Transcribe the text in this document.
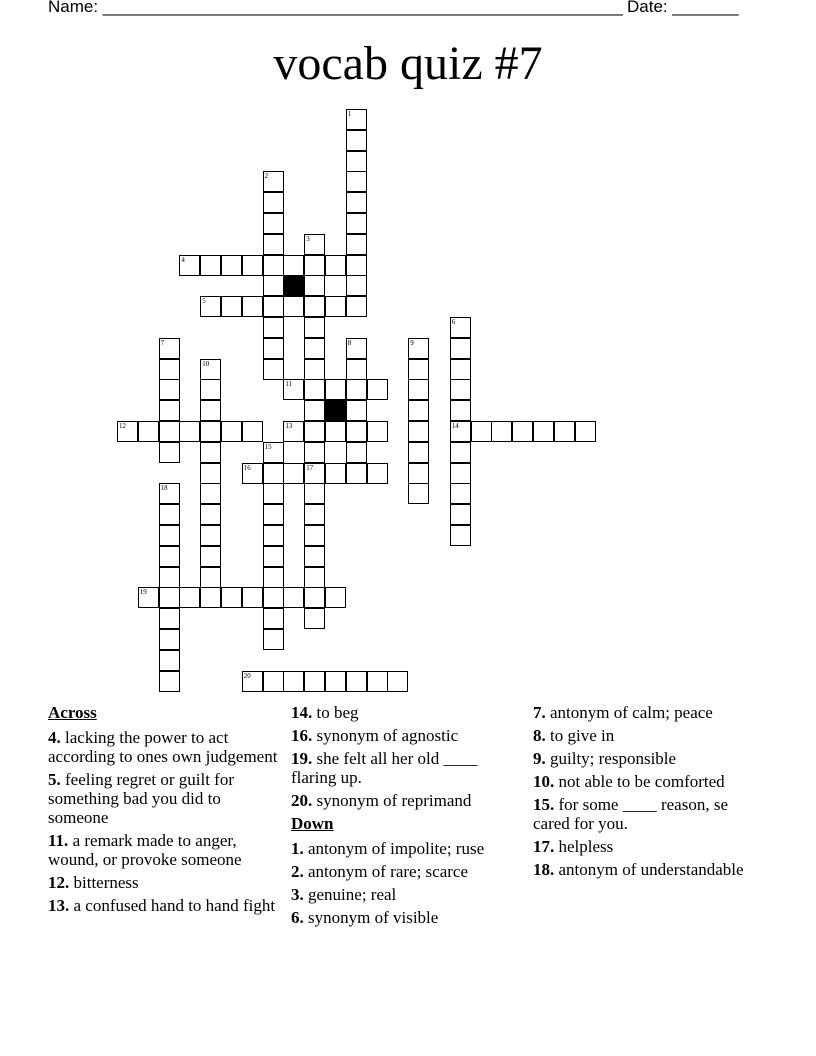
Name: _______________________________________________________ Date: _______
vocab quiz #7
4
5
11
12	13	14
16	17
19
20
1
2
3
6
7	8	9
10
15
18
Across
4. lacking the power to act according to ones own judgement
5. feeling regret or guilt for something bad you did to someone
11. a remark made to anger, wound, or provoke someone
12. bitterness
13. a confused hand to hand fight
14. to beg
16. synonym of agnostic
19. she felt all her old ____ flaring up.
20. synonym of reprimand
Down
1. antonym of impolite; ruse
2. antonym of rare; scarce
3. genuine; real
6. synonym of visible
7. antonym of calm; peace
8. to give in
9. guilty; responsible
10. not able to be comforted
15. for some ____ reason, se cared for you.
17. helpless
18. antonym of understandable
